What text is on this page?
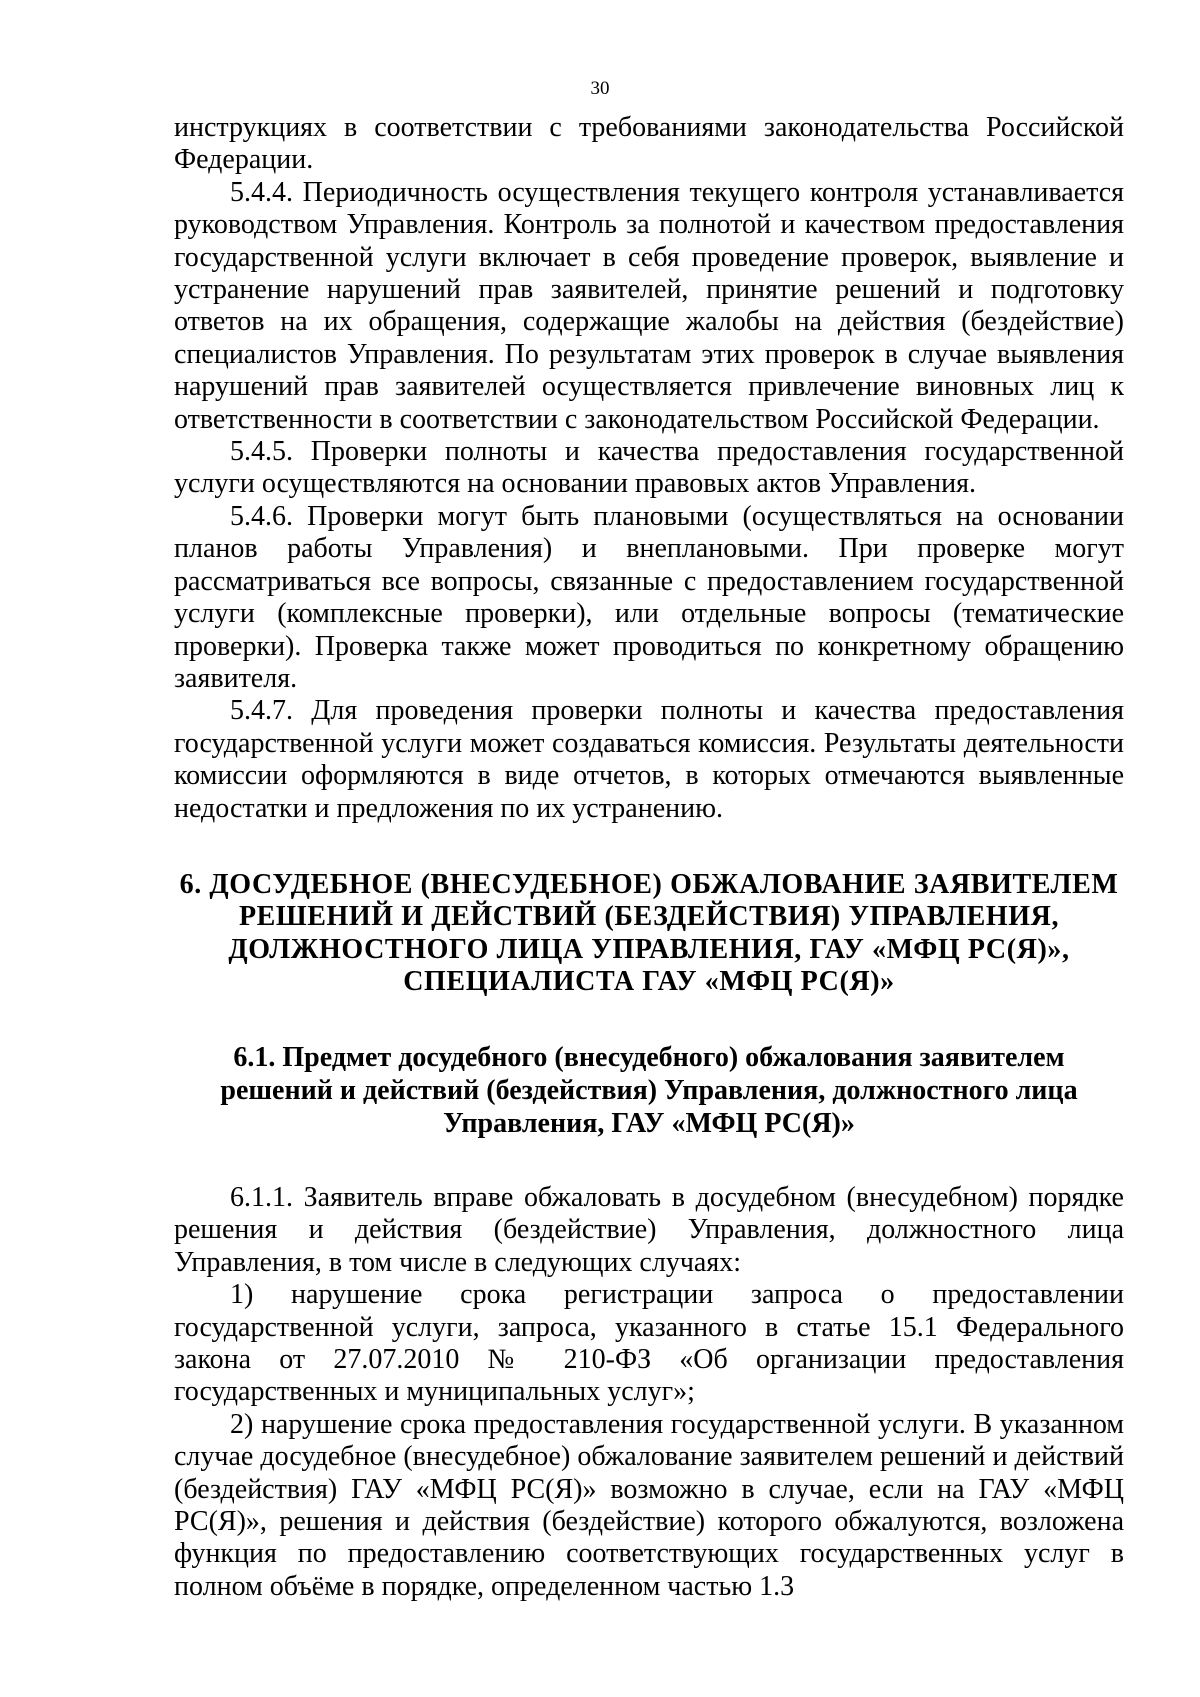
30

инструкциях в соответствии с требованиями законодательства Российской Федерации.

5.4.4. Периодичность осуществления текущего контроля устанавливается руководством Управления. Контроль за полнотой и качеством предоставления государственной услуги включает в себя проведение проверок, выявление и устранение нарушений прав заявителей, принятие решений и подготовку ответов на их обращения, содержащие жалобы на действия (бездействие) специалистов Управления. По результатам этих проверок в случае выявления нарушений прав заявителей осуществляется привлечение виновных лиц к ответственности в соответствии с законодательством Российской Федерации.

5.4.5. Проверки полноты и качества предоставления государственной услуги осуществляются на основании правовых актов Управления.

5.4.6. Проверки могут быть плановыми (осуществляться на основании планов работы Управления) и внеплановыми. При проверке могут рассматриваться все вопросы, связанные с предоставлением государственной услуги (комплексные проверки), или отдельные вопросы (тематические проверки). Проверка также может проводиться по конкретному обращению заявителя.

5.4.7. Для проведения проверки полноты и качества предоставления государственной услуги может создаваться комиссия. Результаты деятельности комиссии оформляются в виде отчетов, в которых отмечаются выявленные недостатки и предложения по их устранению.

6. ДОСУДЕБНОЕ (ВНЕСУДЕБНОЕ) ОБЖАЛОВАНИЕ ЗАЯВИТЕЛЕМ

РЕШЕНИЙ И ДЕЙСТВИЙ (БЕЗДЕЙСТВИЯ) УПРАВЛЕНИЯ,

ДОЛЖНОСТНОГО ЛИЦА УПРАВЛЕНИЯ, ГАУ «МФЦ РС(Я)»,

СПЕЦИАЛИСТА ГАУ «МФЦ РС(Я)»

6.1. Предмет досудебного (внесудебного) обжалования заявителем

решений и действий (бездействия) Управления, должностного лица

Управления, ГАУ «МФЦ РС(Я)»

6.1.1. Заявитель вправе обжаловать в досудебном (внесудебном) порядке решения и действия (бездействие) Управления, должностного лица Управления, в том числе в следующих случаях:

1) нарушение срока регистрации запроса о предоставлении государственной услуги, запроса, указанного в статье 15.1 Федерального закона от 27.07.2010 № 210-ФЗ «Об организации предоставления государственных и муниципальных услуг»;

2) нарушение срока предоставления государственной услуги. В указанном случае досудебное (внесудебное) обжалование заявителем решений и действий (бездействия) ГАУ «МФЦ РС(Я)» возможно в случае, если на ГАУ «МФЦ РС(Я)», решения и действия (бездействие) которого обжалуются, возложена функция по предоставлению соответствующих государственных услуг в полном объёме в порядке, определенном частью 1.3
